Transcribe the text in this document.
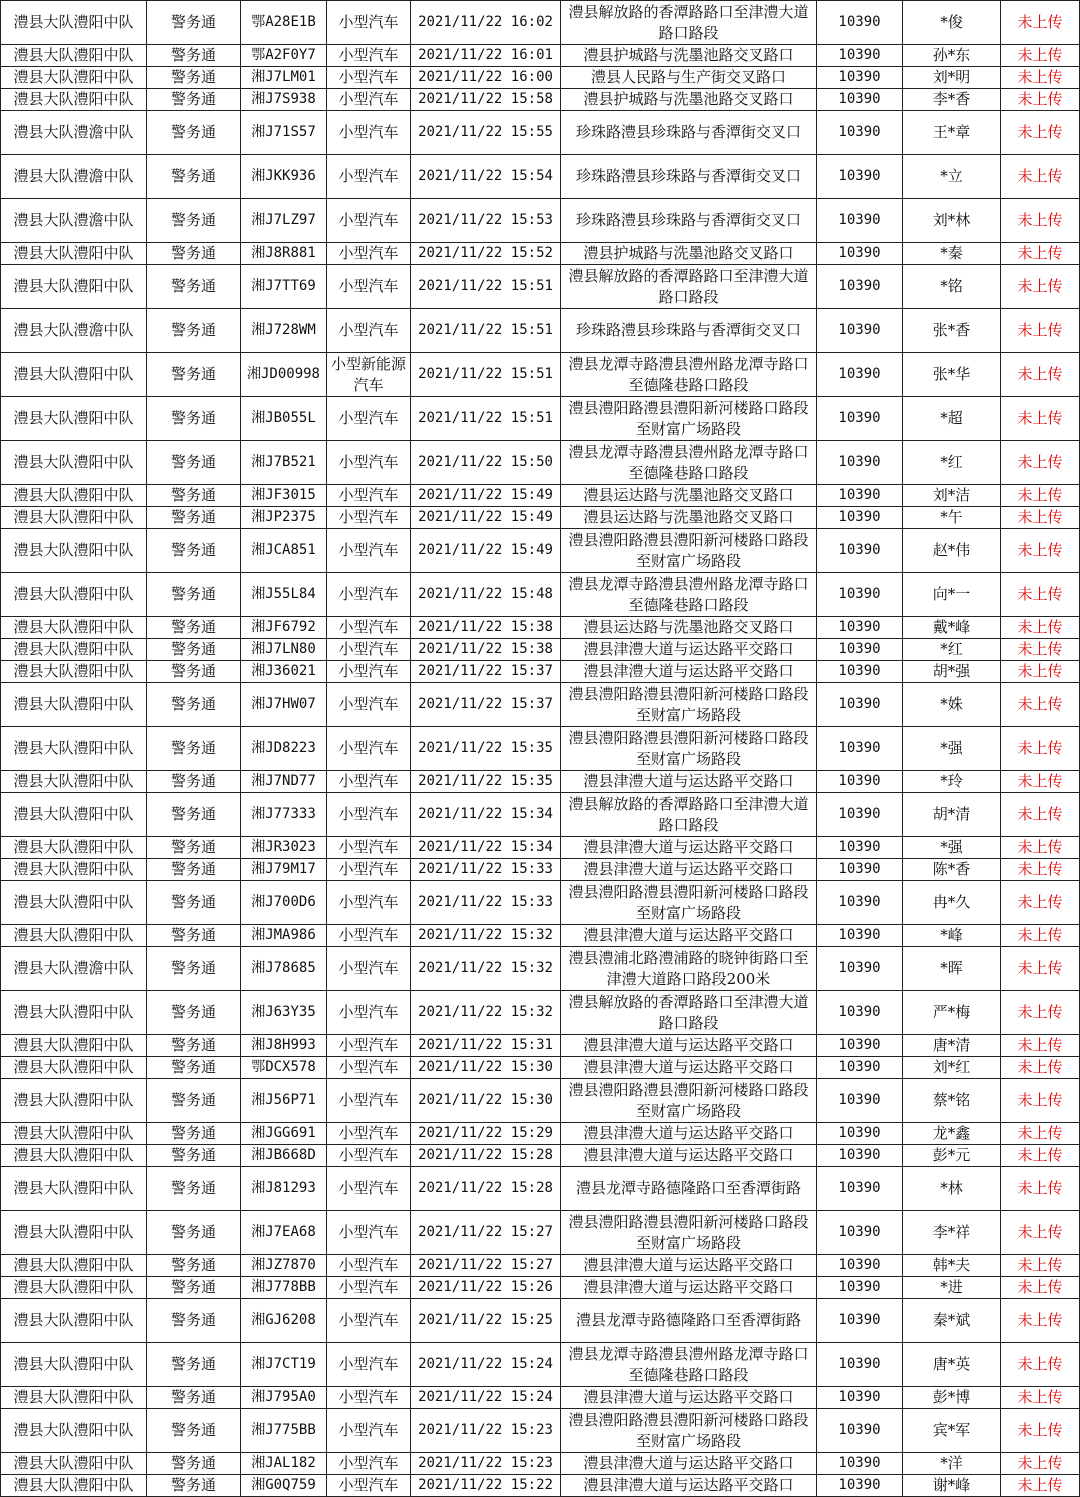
澧县大队澧阳中队	警务通	鄂A28E1B	小型汽车	2021/11/22 16:02	澧县解放路的香潭路路口至津澧大道路口路段	10390	*俊	未上传
澧县大队澧阳中队	警务通	鄂A2F0Y7	小型汽车	2021/11/22 16:01	澧县护城路与洗墨池路交叉路口	10390	孙*东	未上传
澧县大队澧阳中队	警务通	湘J7LM01	小型汽车	2021/11/22 16:00	澧县人民路与生产街交叉路口	10390	刘*明	未上传
澧县大队澧阳中队	警务通	湘J7S938	小型汽车	2021/11/22 15:58	澧县护城路与洗墨池路交叉路口	10390	李*香	未上传
澧县大队澧澹中队	警务通	湘J71S57	小型汽车	2021/11/22 15:55	珍珠路澧县珍珠路与香潭街交叉口	10390	王*章	未上传
澧县大队澧澹中队	警务通	湘JKK936	小型汽车	2021/11/22 15:54	珍珠路澧县珍珠路与香潭街交叉口	10390	*立	未上传
澧县大队澧澹中队	警务通	湘J7LZ97	小型汽车	2021/11/22 15:53	珍珠路澧县珍珠路与香潭街交叉口	10390	刘*林	未上传
澧县大队澧阳中队	警务通	湘J8R881	小型汽车	2021/11/22 15:52	澧县护城路与洗墨池路交叉路口	10390	*秦	未上传
澧县大队澧阳中队	警务通	湘J7TT69	小型汽车	2021/11/22 15:51	澧县解放路的香潭路路口至津澧大道路口路段	10390	*铭	未上传
澧县大队澧澹中队	警务通	湘J728WM	小型汽车	2021/11/22 15:51	珍珠路澧县珍珠路与香潭街交叉口	10390	张*香	未上传
澧县大队澧阳中队	警务通	湘JD00998	小型新能源汽车	2021/11/22 15:51	澧县龙潭寺路澧县澧州路龙潭寺路口至德隆巷路口路段	10390	张*华	未上传
澧县大队澧阳中队	警务通	湘JB055L	小型汽车	2021/11/22 15:51	澧县澧阳路澧县澧阳新河楼路口路段至财富广场路段	10390	*超	未上传
澧县大队澧阳中队	警务通	湘J7B521	小型汽车	2021/11/22 15:50	澧县龙潭寺路澧县澧州路龙潭寺路口至德隆巷路口路段	10390	*红	未上传
澧县大队澧阳中队	警务通	湘JF3015	小型汽车	2021/11/22 15:49	澧县运达路与洗墨池路交叉路口	10390	刘*洁	未上传
澧县大队澧阳中队	警务通	湘JP2375	小型汽车	2021/11/22 15:49	澧县运达路与洗墨池路交叉路口	10390	*午	未上传
澧县大队澧阳中队	警务通	湘JCA851	小型汽车	2021/11/22 15:49	澧县澧阳路澧县澧阳新河楼路口路段至财富广场路段	10390	赵*伟	未上传
澧县大队澧阳中队	警务通	湘J55L84	小型汽车	2021/11/22 15:48	澧县龙潭寺路澧县澧州路龙潭寺路口至德隆巷路口路段	10390	向*一	未上传
澧县大队澧阳中队	警务通	湘JF6792	小型汽车	2021/11/22 15:38	澧县运达路与洗墨池路交叉路口	10390	戴*峰	未上传
澧县大队澧阳中队	警务通	湘J7LN80	小型汽车	2021/11/22 15:38	澧县津澧大道与运达路平交路口	10390	*红	未上传
澧县大队澧阳中队	警务通	湘J36021	小型汽车	2021/11/22 15:37	澧县津澧大道与运达路平交路口	10390	胡*强	未上传
澧县大队澧阳中队	警务通	湘J7HW07	小型汽车	2021/11/22 15:37	澧县澧阳路澧县澧阳新河楼路口路段至财富广场路段	10390	*姝	未上传
澧县大队澧阳中队	警务通	湘JD8223	小型汽车	2021/11/22 15:35	澧县澧阳路澧县澧阳新河楼路口路段至财富广场路段	10390	*强	未上传
澧县大队澧阳中队	警务通	湘J7ND77	小型汽车	2021/11/22 15:35	澧县津澧大道与运达路平交路口	10390	*玲	未上传
澧县大队澧阳中队	警务通	湘J77333	小型汽车	2021/11/22 15:34	澧县解放路的香潭路路口至津澧大道路口路段	10390	胡*清	未上传
澧县大队澧阳中队	警务通	湘JR3023	小型汽车	2021/11/22 15:34	澧县津澧大道与运达路平交路口	10390	*强	未上传
澧县大队澧阳中队	警务通	湘J79M17	小型汽车	2021/11/22 15:33	澧县津澧大道与运达路平交路口	10390	陈*香	未上传
澧县大队澧阳中队	警务通	湘J700D6	小型汽车	2021/11/22 15:33	澧县澧阳路澧县澧阳新河楼路口路段至财富广场路段	10390	冉*久	未上传
澧县大队澧阳中队	警务通	湘JMA986	小型汽车	2021/11/22 15:32	澧县津澧大道与运达路平交路口	10390	*峰	未上传
澧县大队澧澹中队	警务通	湘J78685	小型汽车	2021/11/22 15:32	澧县澧浦北路澧浦路的晓钟街路口至津澧大道路口路段200米	10390	*晖	未上传
澧县大队澧阳中队	警务通	湘J63Y35	小型汽车	2021/11/22 15:32	澧县解放路的香潭路路口至津澧大道路口路段	10390	严*梅	未上传
澧县大队澧阳中队	警务通	湘J8H993	小型汽车	2021/11/22 15:31	澧县津澧大道与运达路平交路口	10390	唐*清	未上传
澧县大队澧阳中队	警务通	鄂DCX578	小型汽车	2021/11/22 15:30	澧县津澧大道与运达路平交路口	10390	刘*红	未上传
澧县大队澧阳中队	警务通	湘J56P71	小型汽车	2021/11/22 15:30	澧县澧阳路澧县澧阳新河楼路口路段至财富广场路段	10390	蔡*铭	未上传
澧县大队澧阳中队	警务通	湘JGG691	小型汽车	2021/11/22 15:29	澧县津澧大道与运达路平交路口	10390	龙*鑫	未上传
澧县大队澧阳中队	警务通	湘JB668D	小型汽车	2021/11/22 15:28	澧县津澧大道与运达路平交路口	10390	彭*元	未上传
澧县大队澧阳中队	警务通	湘J81293	小型汽车	2021/11/22 15:28	澧县龙潭寺路德隆路口至香潭街路	10390	*林	未上传
澧县大队澧阳中队	警务通	湘J7EA68	小型汽车	2021/11/22 15:27	澧县澧阳路澧县澧阳新河楼路口路段至财富广场路段	10390	李*祥	未上传
澧县大队澧阳中队	警务通	湘JZ7870	小型汽车	2021/11/22 15:27	澧县津澧大道与运达路平交路口	10390	韩*夫	未上传
澧县大队澧阳中队	警务通	湘J778BB	小型汽车	2021/11/22 15:26	澧县津澧大道与运达路平交路口	10390	*进	未上传
澧县大队澧阳中队	警务通	湘GJ6208	小型汽车	2021/11/22 15:25	澧县龙潭寺路德隆路口至香潭街路	10390	秦*斌	未上传
澧县大队澧阳中队	警务通	湘J7CT19	小型汽车	2021/11/22 15:24	澧县龙潭寺路澧县澧州路龙潭寺路口至德隆巷路口路段	10390	唐*英	未上传
澧县大队澧阳中队	警务通	湘J795A0	小型汽车	2021/11/22 15:24	澧县津澧大道与运达路平交路口	10390	彭*博	未上传
澧县大队澧阳中队	警务通	湘J775BB	小型汽车	2021/11/22 15:23	澧县澧阳路澧县澧阳新河楼路口路段至财富广场路段	10390	宾*军	未上传
澧县大队澧阳中队	警务通	湘JAL182	小型汽车	2021/11/22 15:23	澧县津澧大道与运达路平交路口	10390	*洋	未上传
澧县大队澧阳中队	警务通	湘G0Q759	小型汽车	2021/11/22 15:22	澧县津澧大道与运达路平交路口	10390	谢*峰	未上传
